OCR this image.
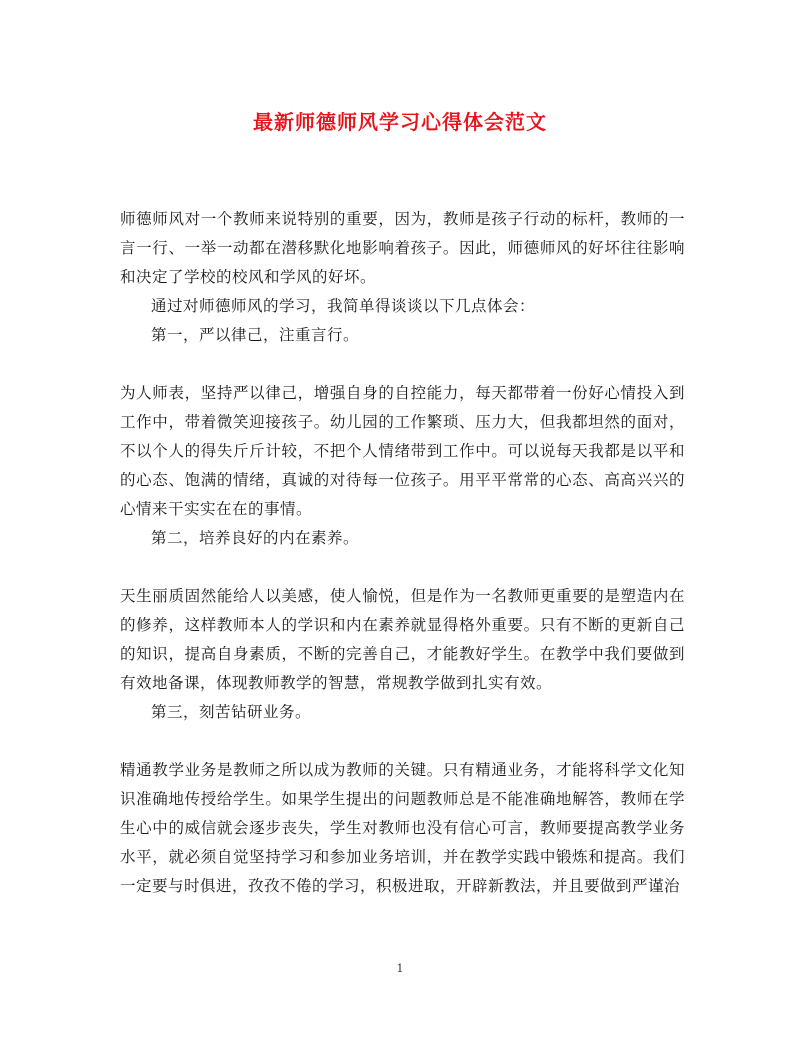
最新师德师风学习心得体会范文

师德师风对一个教师来说特别的重要，因为，教师是孩子行动的标杆，教师的一言一行、一举一动都在潜移默化地影响着孩子。因此，师德师风的好坏往往影响和决定了学校的校风和学风的好坏。

通过对师德师风的学习，我简单得谈谈以下几点体会：

第一，严以律己，注重言行。

为人师表，坚持严以律己，增强自身的自控能力，每天都带着一份好心情投入到工作中，带着微笑迎接孩子。幼儿园的工作繁琐、压力大，但我都坦然的面对，不以个人的得失斤斤计较，不把个人情绪带到工作中。可以说每天我都是以平和的心态、饱满的情绪，真诚的对待每一位孩子。用平平常常的心态、高高兴兴的心情来干实实在在的事情。

第二，培养良好的内在素养。

天生丽质固然能给人以美感，使人愉悦，但是作为一名教师更重要的是塑造内在的修养，这样教师本人的学识和内在素养就显得格外重要。只有不断的更新自己的知识，提高自身素质，不断的完善自己，才能教好学生。在教学中我们要做到有效地备课，体现教师教学的智慧，常规教学做到扎实有效。

第三，刻苦钻研业务。

精通教学业务是教师之所以成为教师的关键。只有精通业务，才能将科学文化知识准确地传授给学生。如果学生提出的问题教师总是不能准确地解答，教师在学生心中的威信就会逐步丧失，学生对教师也没有信心可言，教师要提高教学业务水平，就必须自觉坚持学习和参加业务培训，并在教学实践中锻炼和提高。我们一定要与时俱进，孜孜不倦的学习，积极进取，开辟新教法，并且要做到严谨治

1
